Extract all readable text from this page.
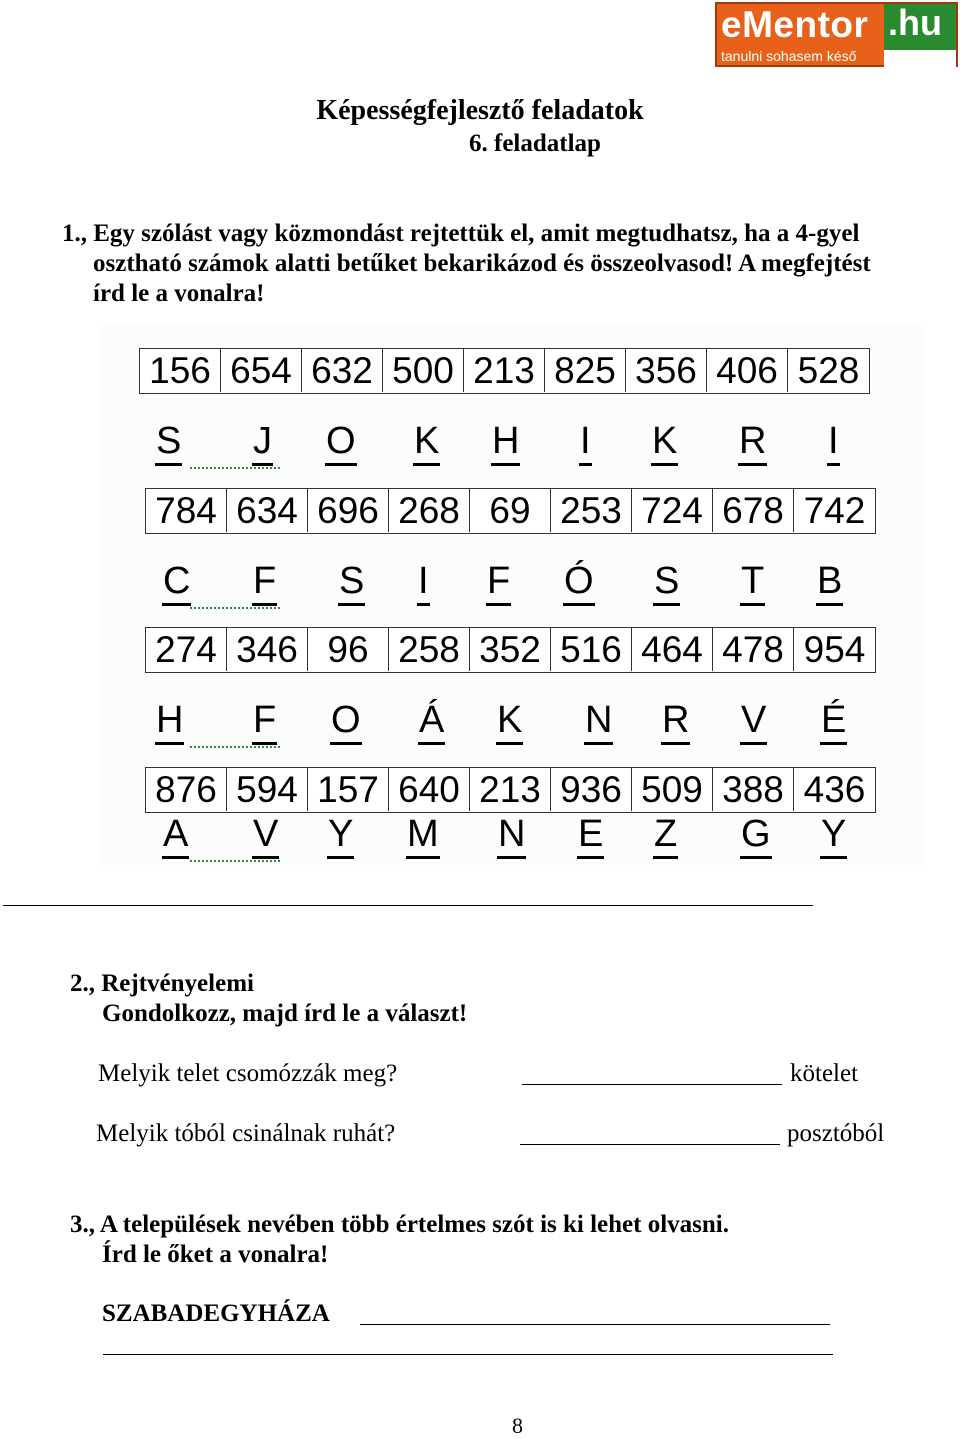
eMentor .hu
tanulni sohasem késő
Képességfejlesztő feladatok
6. feladatlap
1., Egy szólást vagy közmondást rejtettük el, amit megtudhatsz, ha a 4-gyel
osztható számok alatti betűket bekarikázod és összeolvasod! A megfejtést
írd le a vonalra!
156 654 632 500 213 825 356 406 528
S J O K H I K R I
784 634 696 268 69 253 724 678 742
C F S I F Ó S T B
274 346 96 258 352 516 464 478 954
H F O Á K N R V É
876 594 157 640 213 936 509 388 436
A V Y M N E Z G Y
2., Rejtvényelemi
Gondolkozz, majd írd le a választ!
Melyik telet csomózzák meg?	kötelet
Melyik tóból csinálnak ruhát?	posztóból
3., A települések nevében több értelmes szót is ki lehet olvasni.
Írd le őket a vonalra!
SZABADEGYHÁZA
8
